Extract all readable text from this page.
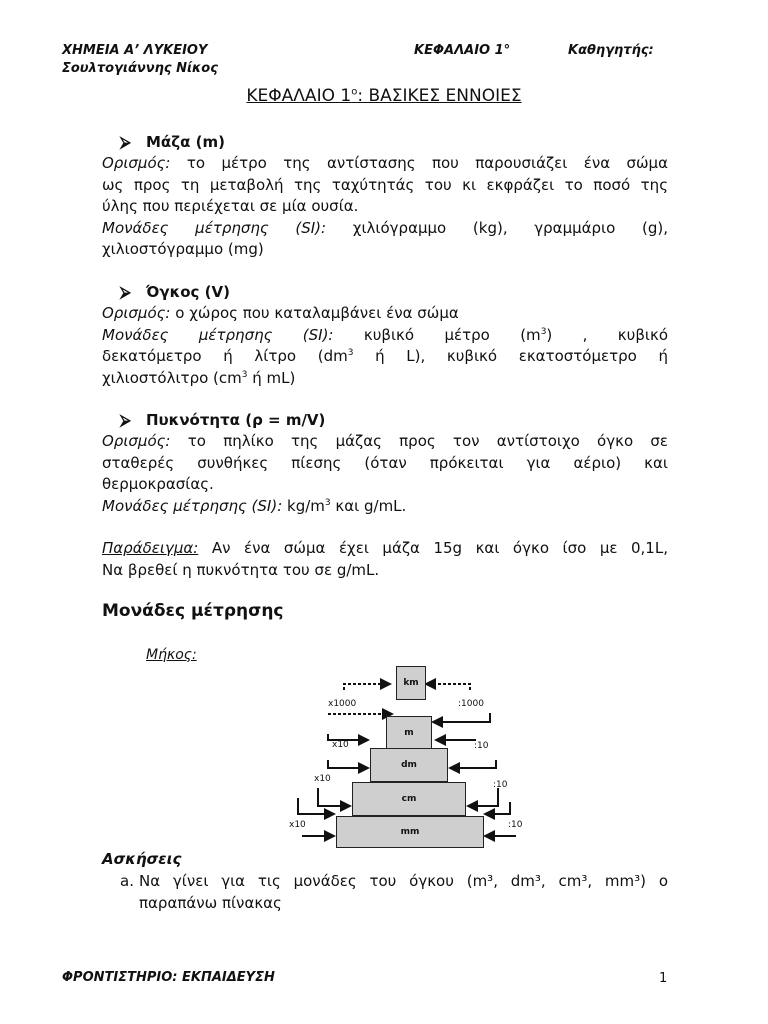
ΧΗΜΕΙΑ Α’ ΛΥΚΕΙΟΥ	ΚΕΦΑΛΑΙΟ 1°	Καθηγητής:
Σουλτογιάννης Νίκος
ΚΕΦΑΛΑΙΟ $1^o$: ΒΑΣΙΚΕΣ ΕΝΝΟΙΕΣ
⮚ Μάζα (m)
Ορισμός: το μέτρο της αντίστασης που παρουσιάζει ένα σώμα
ως προς τη μεταβολή της ταχύτητάς του κι εκφράζει το ποσό της
ύλης που περιέχεται σε μία ουσία.
Μονάδες μέτρησης (SI): χιλιόγραμμο (kg), γραμμάριο (g),
χιλιοστόγραμμο (mg)
⮚ Όγκος (V)
Ορισμός: ο χώρος που καταλαμβάνει ένα σώμα
Μονάδες μέτρησης (SI): κυβικό μέτρο $(m^3)$ , κυβικό
δεκατόμετρο ή λίτρο ($dm^3$ ή L), κυβικό εκατοστόμετρο ή
χιλιοστόλιτρο ($cm^3$ ή mL)
⮚ Πυκνότητα (ρ = m/V)
Ορισμός: το πηλίκο της μάζας προς τον αντίστοιχο όγκο σε
σταθερές συνθήκες πίεσης (όταν πρόκειται για αέριο) και
θερμοκρασίας.
Μονάδες μέτρησης (SI): $kg/m^3$ και g/mL.
Παράδειγμα: Αν ένα σώμα έχει μάζα 15g και όγκο ίσο με 0,1L,
Να βρεθεί η πυκνότητα του σε g/mL.
Μονάδες μέτρησης
Μήκος:
km
m
dm
cm
mm
x1000	:1000
x10	:10
x10
:10
x10	:10
Ασκήσεις
a. Να γίνει για τις μονάδες του όγκου (m³, dm³, cm³, mm³) ο
παραπάνω πίνακας
ΦΡΟΝΤΙΣΤΗΡΙΟ: ΕΚΠΑΙΔΕΥΣΗ	1
